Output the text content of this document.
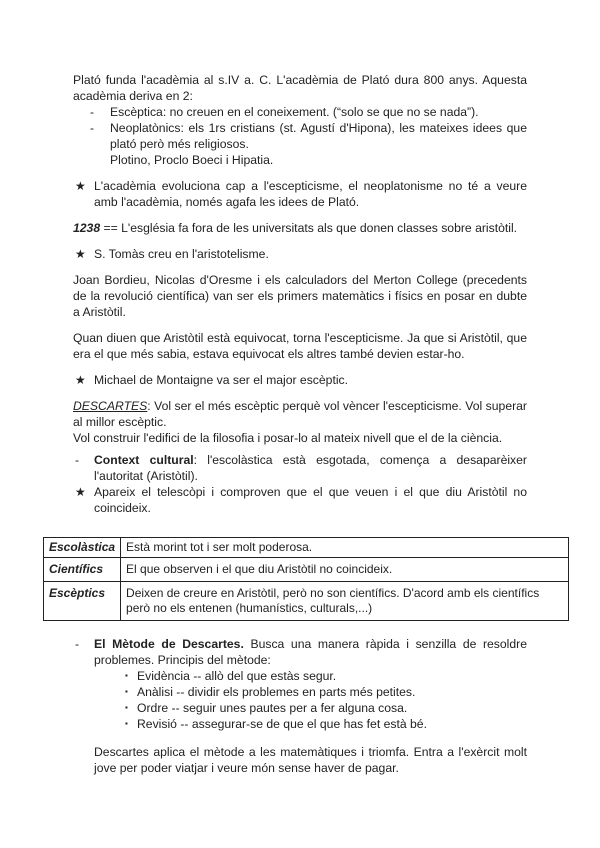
Plató funda l'acadèmia al s.IV a. C. L'acadèmia de Plató dura 800 anys. Aquesta acadèmia deriva en 2:

-	Escèptica: no creuen en el coneixement. (“solo se que no se nada”).
-	Neoplatònics: els 1rs cristians (st. Agustí d'Hipona), les mateixes idees que plató però més religiosos.
Plotino, Proclo Boeci i Hipatia.
★ L'acadèmia evoluciona cap a l'escepticisme, el neoplatonisme no té a veure amb l'acadèmia, només agafa les idees de Plató.

1238 == L'església fa fora de les universitats als que donen classes sobre aristòtil.

★ S. Tomàs creu en l'aristotelisme.

Joan Bordieu, Nicolas d'Oresme i els calculadors del Merton College (precedents de la revolució científica) van ser els primers matemàtics i físics en posar en dubte a Aristòtil.

Quan diuen que Aristòtil està equivocat, torna l'escepticisme. Ja que si Aristòtil, que era el que més sabia, estava equivocat els altres també devien estar-ho.

★ Michael de Montaigne va ser el major escèptic.

DESCARTES: Vol ser el més escèptic perquè vol vèncer l'escepticisme. Vol superar al millor escèptic.

Vol construir l'edifici de la filosofia i posar-lo al mateix nivell que el de la ciència.

-	Context cultural: l'escolàstica està esgotada, comença a desaparèixer l'autoritat (Aristòtil).
★ Apareix el telescòpi i comproven que el que veuen i el que diu Aristòtil no coincideix.
Escolàstica	Està morint tot i ser molt poderosa.
Científics	El que observen i el que diu Aristòtil no coincideix.
Escèptics	Deixen de creure en Aristòtil, però no son científics. D'acord amb els científics però no els entenen (humanístics, culturals,...)
-	El Mètode de Descartes. Busca una manera ràpida i senzilla de resoldre problemes. Principis del mètode:
▪ Evidència -- allò del que estàs segur.
▪ Anàlisi -- dividir els problemes en parts més petites.
▪ Ordre -- seguir unes pautes per a fer alguna cosa.
▪ Revisió -- assegurar-se de que el que has fet està bé.

Descartes aplica el mètode a les matemàtiques i triomfa. Entra a l'exèrcit molt jove per poder viatjar i veure món sense haver de pagar.
